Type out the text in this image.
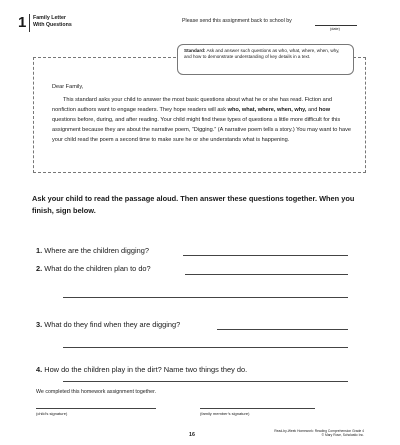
1 Family Letter
With Questions
Please send this assignment back to school by
(date)
Standard: Ask and answer such questions as who, what, where, when, why, and how to demonstrate understanding of key details in a text.
Dear Family,
This standard asks your child to answer the most basic questions about what he or she has read. Fiction and nonfiction authors want to engage readers. They hope readers will ask who, what, where, when, why, and how questions before, during, and after reading. Your child might find these types of questions a little more difficult for this assignment because they are about the narrative poem, “Digging.” (A narrative poem tells a story.) You may want to have your child read the poem a second time to make sure he or she understands what is happening.
Ask your child to read the passage aloud. Then answer these questions together. When you finish, sign below.
1. Where are the children digging?
2. What do the children plan to do?
3. What do they find when they are digging?
4. How do the children play in the dirt? Name two things they do.
We completed this homework assignment together.
(child’s signature)	(family member’s signature)
16
Read-by-Week Homework: Reading Comprehension Grade 4
© Mary Rose, Scholastic Inc.
